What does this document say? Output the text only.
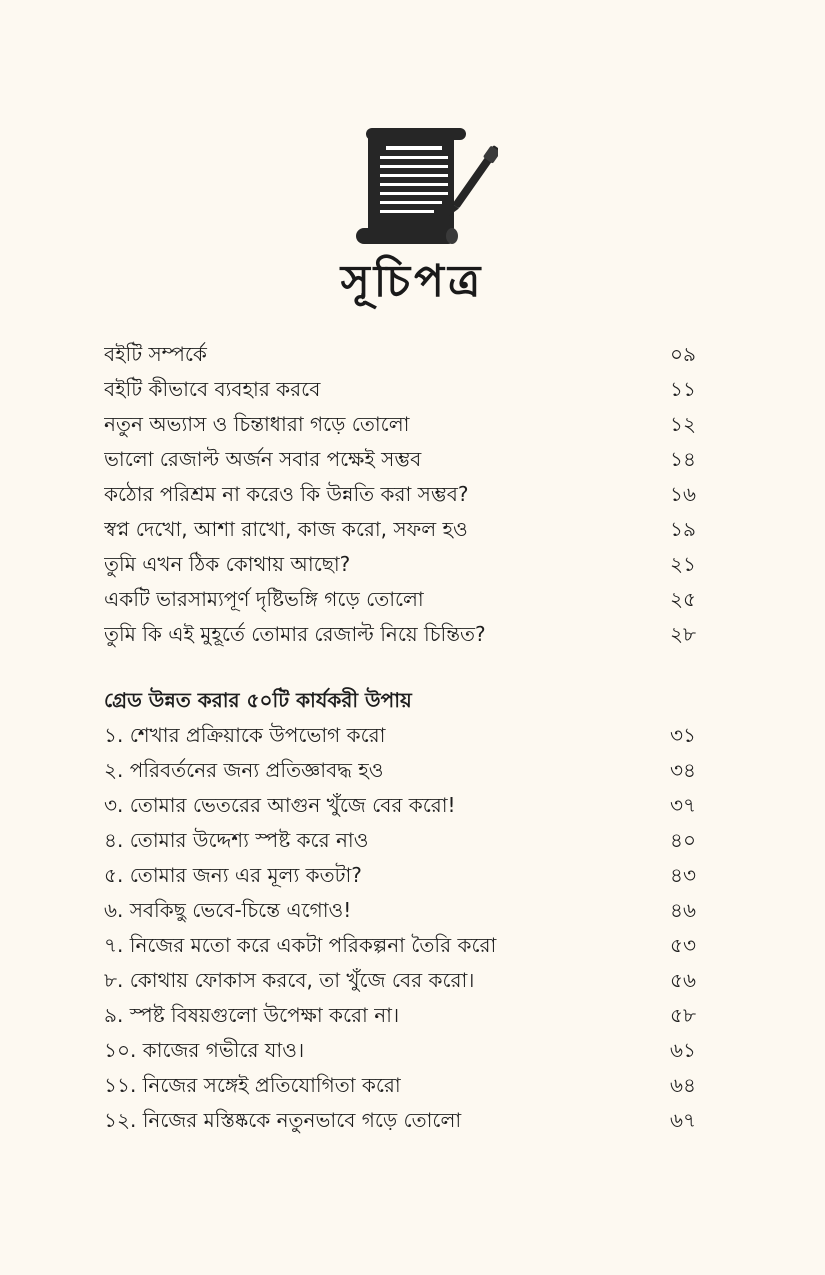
সূচিপত্র
বইটি সম্পর্কে	০৯
বইটি কীভাবে ব্যবহার করবে	১১
নতুন অভ্যাস ও চিন্তাধারা গড়ে তোলো	১২
ভালো রেজাল্ট অর্জন সবার পক্ষেই সম্ভব	১৪
কঠোর পরিশ্রম না করেও কি উন্নতি করা সম্ভব?	১৬
স্বপ্ন দেখো, আশা রাখো, কাজ করো, সফল হও	১৯
তুমি এখন ঠিক কোথায় আছো?	২১
একটি ভারসাম্যপূর্ণ দৃষ্টিভঙ্গি গড়ে তোলো	২৫
তুমি কি এই মুহূর্তে তোমার রেজাল্ট নিয়ে চিন্তিত?	২৮
গ্রেড উন্নত করার ৫০টি কার্যকরী উপায়
১. শেখার প্রক্রিয়াকে উপভোগ করো	৩১
২. পরিবর্তনের জন্য প্রতিজ্ঞাবদ্ধ হও	৩৪
৩. তোমার ভেতরের আগুন খুঁজে বের করো!	৩৭
৪. তোমার উদ্দেশ্য স্পষ্ট করে নাও	৪০
৫. তোমার জন্য এর মূল্য কতটা?	৪৩
৬. সবকিছু ভেবে-চিন্তে এগোও!	৪৬
৭. নিজের মতো করে একটা পরিকল্পনা তৈরি করো	৫৩
৮. কোথায় ফোকাস করবে, তা খুঁজে বের করো।	৫৬
৯. স্পষ্ট বিষয়গুলো উপেক্ষা করো না।	৫৮
১০. কাজের গভীরে যাও।	৬১
১১. নিজের সঙ্গেই প্রতিযোগিতা করো	৬৪
১২. নিজের মস্তিষ্ককে নতুনভাবে গড়ে তোলো	৬৭
